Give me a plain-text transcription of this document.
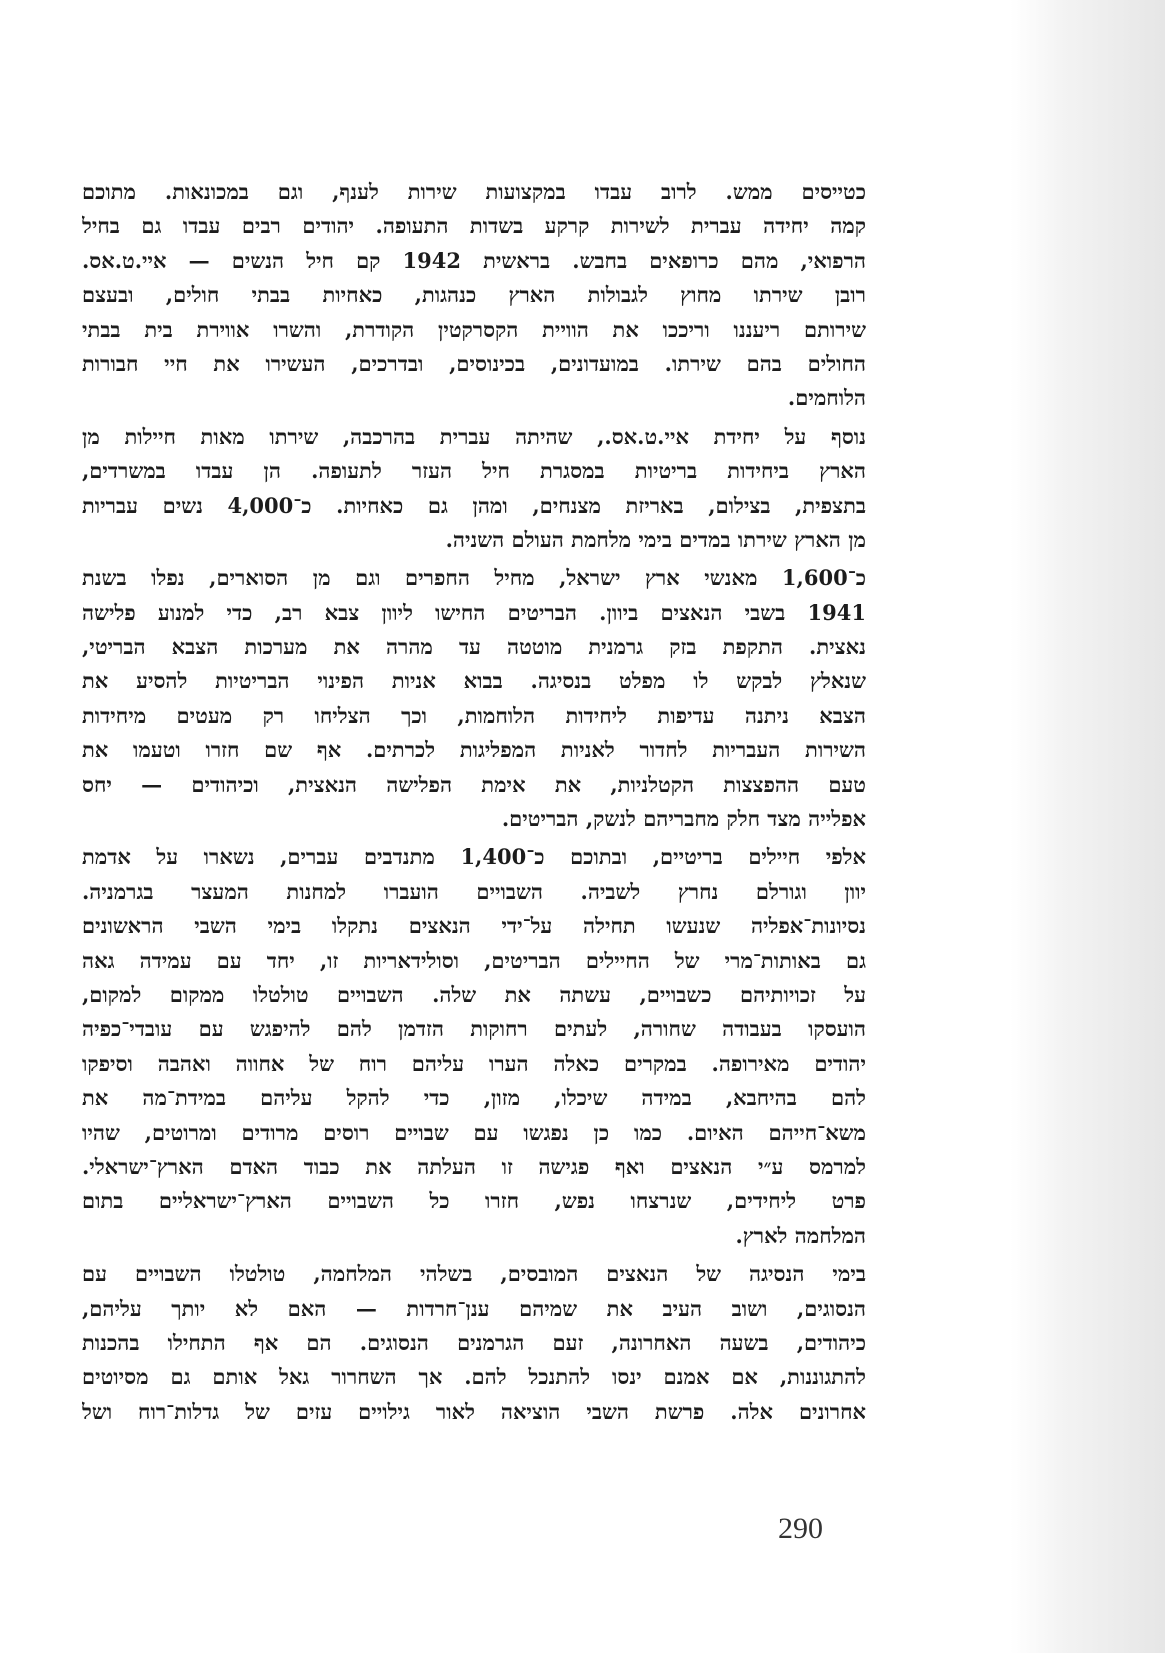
כטייסים ממש. לרוב עבדו במקצועות שירות לענף, וגם במכונאות. מתוכם
קמה יחידה עברית לשירות קרקע בשדות התעופה. יהודים רבים עבדו גם בחיל
הרפואי, מהם כרופאים בחבש. בראשית 1942 קם חיל הנשים — איי.ט.אס.
רובן שירתו מחוץ לגבולות הארץ כנהגות, כאחיות בבתי חולים, ובעצם
שירותם ריעננו וריככו את הוויית הקסרקטין הקודרת, והשרו אווירת בית בבתי
החולים בהם שירתו. במועדונים, בכינוסים, ובדרכים, העשירו את חיי חבורות
הלוחמים.
נוסף על יחידת איי.ט.אס., שהיתה עברית בהרכבה, שירתו מאות חיילות מן
הארץ ביחידות בריטיות במסגרת חיל העזר לתעופה. הן עבדו במשרדים,
בתצפית, בצילום, באריזת מצנחים, ומהן גם כאחיות. כ־4,000 נשים עבריות
מן הארץ שירתו במדים בימי מלחמת העולם השניה.
כ־1,600 מאנשי ארץ ישראל, מחיל החפרים וגם מן הסוארים, נפלו בשנת
1941 בשבי הנאצים ביוון. הבריטים החישו ליוון צבא רב, כדי למנוע פלישה
נאצית. התקפת בזק גרמנית מוטטה עד מהרה את מערכות הצבא הבריטי,
שנאלץ לבקש לו מפלט בנסיגה. בבוא אניות הפינוי הבריטיות להסיע את
הצבא ניתנה עדיפות ליחידות הלוחמות, וכך הצליחו רק מעטים מיחידות
השירות העבריות לחדור לאניות המפליגות לכרתים. אף שם חזרו וטעמו את
טעם ההפצצות הקטלניות, את אימת הפלישה הנאצית, וכיהודים — יחס
אפלייה מצד חלק מחבריהם לנשק, הבריטים.
אלפי חיילים בריטיים, ובתוכם כ־1,400 מתנדבים עברים, נשארו על אדמת
יוון וגורלם נחרץ לשביה. השבויים הועברו למחנות המעצר בגרמניה.
נסיונות־אפליה שנעשו תחילה על־ידי הנאצים נתקלו בימי השבי הראשונים
גם באותות־מרי של החיילים הבריטים, וסולידאריות זו, יחד עם עמידה גאה
על זכויותיהם כשבויים, עשתה את שלה. השבויים טולטלו ממקום למקום,
הועסקו בעבודה שחורה, לעתים רחוקות הזדמן להם להיפגש עם עובדי־כפיה
יהודים מאירופה. במקרים כאלה הערו עליהם רוח של אחווה ואהבה וסיפקו
להם בהיחבא, במידה שיכלו, מזון, כדי להקל עליהם במידת־מה את
משא־חייהם האיום. כמו כן נפגשו עם שבויים רוסים מרודים ומרוטים, שהיו
למרמס ע״י הנאצים ואף פגישה זו העלתה את כבוד האדם הארץ־ישראלי.
פרט ליחידים, שנרצחו נפש, חזרו כל השבויים הארץ־ישראליים בתום
המלחמה לארץ.
בימי הנסיגה של הנאצים המובסים, בשלהי המלחמה, טולטלו השבויים עם
הנסוגים, ושוב העיב את שמיהם ענן־חרדות — האם לא יותך עליהם,
כיהודים, בשעה האחרונה, זעם הגרמנים הנסוגים. הם אף התחילו בהכנות
להתגוננות, אם אמנם ינסו להתנכל להם. אך השחרור גאל אותם גם מסיוטים
אחרונים אלה. פרשת השבי הוציאה לאור גילויים עזים של גדלות־רוח ושל
290
